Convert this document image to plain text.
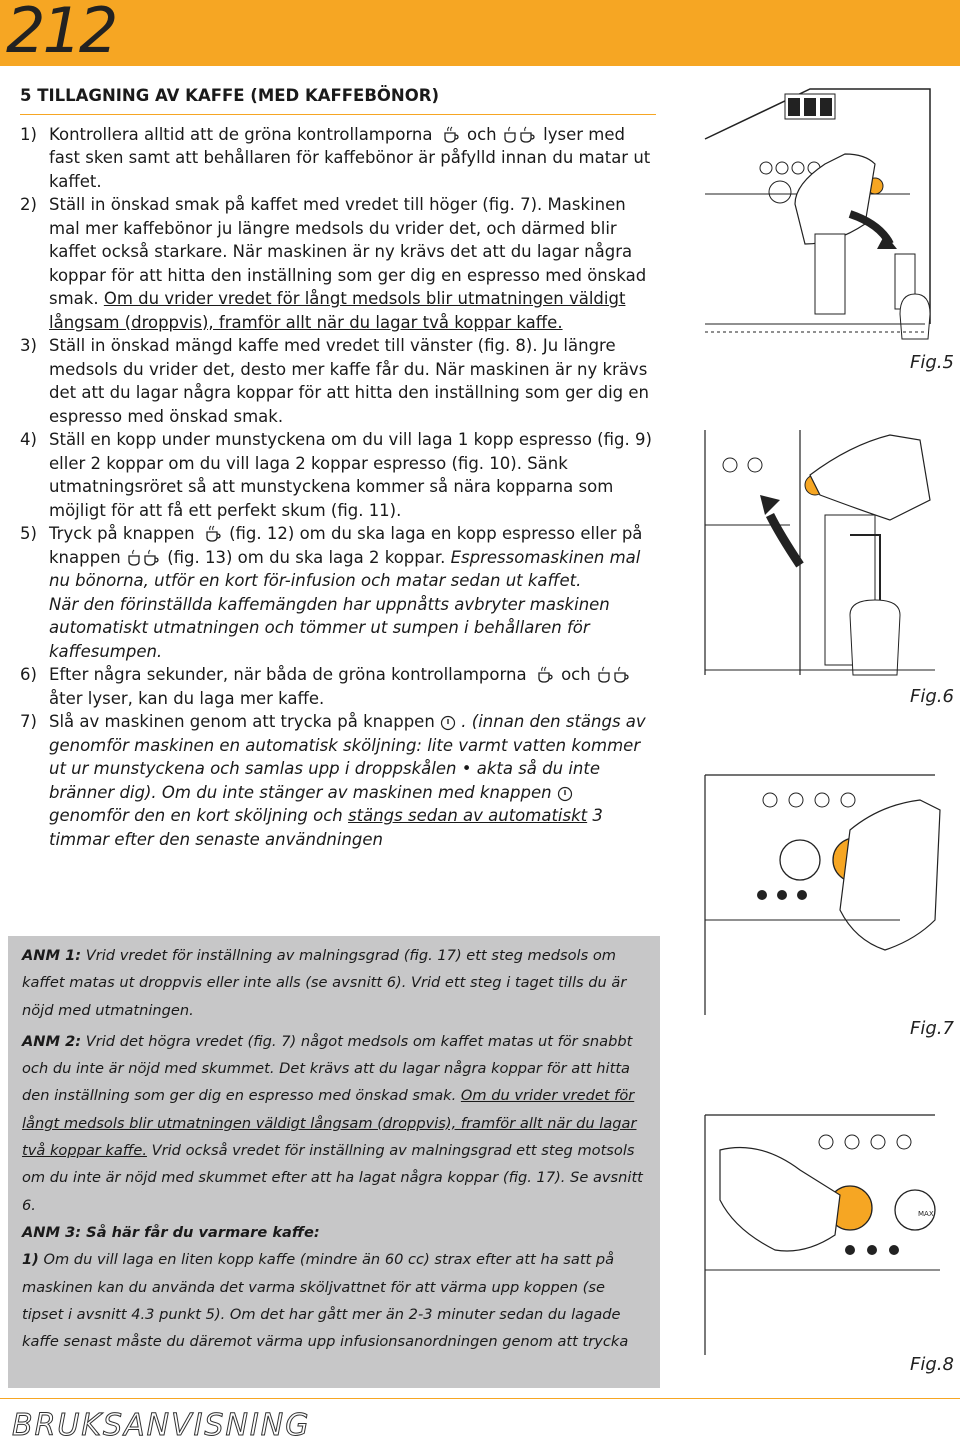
212
5 TILLAGNING AV KAFFE (MED KAFFEBÖNOR)
1) Kontrollera alltid att de gröna kontrollamporna och	lyser med fast sken samt att behållaren för kaffebönor är påfylld innan du matar ut kaffet.
2) Ställ in önskad smak på kaffet med vredet till höger (fig. 7). Maskinen mal mer kaffebönor ju längre medsols du vrider det, och därmed blir kaffet också starkare. När maskinen är ny krävs det att du lagar några koppar för att hitta den inställning som ger dig en espresso med önskad smak. Om du vrider vredet för långt medsols blir utmatningen väldigt långsam (droppvis), framför allt när du lagar två koppar kaffe.
3) Ställ in önskad mängd kaffe med vredet till vänster (fig. 8). Ju längre medsols du vrider det, desto mer kaffe får du. När maskinen är ny krävs det att du lagar några koppar för att hitta den inställning som ger dig en espresso med önskad smak.
4) Ställ en kopp under munstyckena om du vill laga 1 kopp espresso (fig. 9) eller 2 koppar om du vill laga 2 koppar espresso (fig. 10). Sänk utmatningsröret så att munstyckena kommer så nära kopparna som möjligt för att få ett perfekt skum (fig. 11).
5) Tryck på knappen (fig. 12) om du ska laga en kopp espresso eller på knappen	(fig. 13) om du ska laga 2 koppar. Espressomaskinen mal nu bönorna, utför en kort för-infusion och matar sedan ut kaffet.
När den förinställda kaffemängden har uppnåtts avbryter maskinen automatiskt utmatningen och tömmer ut sumpen i behållaren för kaffesumpen.
6) Efter några sekunder, när båda de gröna kontrollamporna och  åter lyser, kan du laga mer kaffe.
7) Slå av maskinen genom att trycka på knappen . (innan den stängs av genomför maskinen en automatisk sköljning: lite varmt vatten kommer ut ur munstyckena och samlas upp i droppskålen • akta så du inte bränner dig). Om du inte stänger av maskinen med knappen  genomför den en kort sköljning och stängs sedan av automatiskt 3 timmar efter den senaste användningen

ANM 1: Vrid vredet för inställning av malningsgrad (fig. 17) ett steg medsols om kaffet matas ut droppvis eller inte alls (se avsnitt 6). Vrid ett steg i taget tills du är nöjd med utmatningen.

ANM 2: Vrid det högra vredet (fig. 7) något medsols om kaffet matas ut för snabbt och du inte är nöjd med skummet. Det krävs att du lagar några koppar för att hitta den inställning som ger dig en espresso med önskad smak. Om du vrider vredet för långt medsols blir utmatningen väldigt långsam (droppvis), framför allt när du lagar två koppar kaffe. Vrid också vredet för inställning av malningsgrad ett steg motsols om du inte är nöjd med skummet efter att ha lagat några koppar (fig. 17). Se avsnitt 6.

ANM 3: Så här får du varmare kaffe:

1) Om du vill laga en liten kopp kaffe (mindre än 60 cc) strax efter att ha satt på maskinen kan du använda det varma sköljvattnet för att värma upp koppen (se tipset i avsnitt 4.3 punkt 5). Om det har gått mer än 2-3 minuter sedan du lagade kaffe senast måste du däremot värma upp infusionsanordningen genom att trycka

Fig.5
Fig.6
Fig.7
MAX
Fig.8
BRUKSANVISNING
